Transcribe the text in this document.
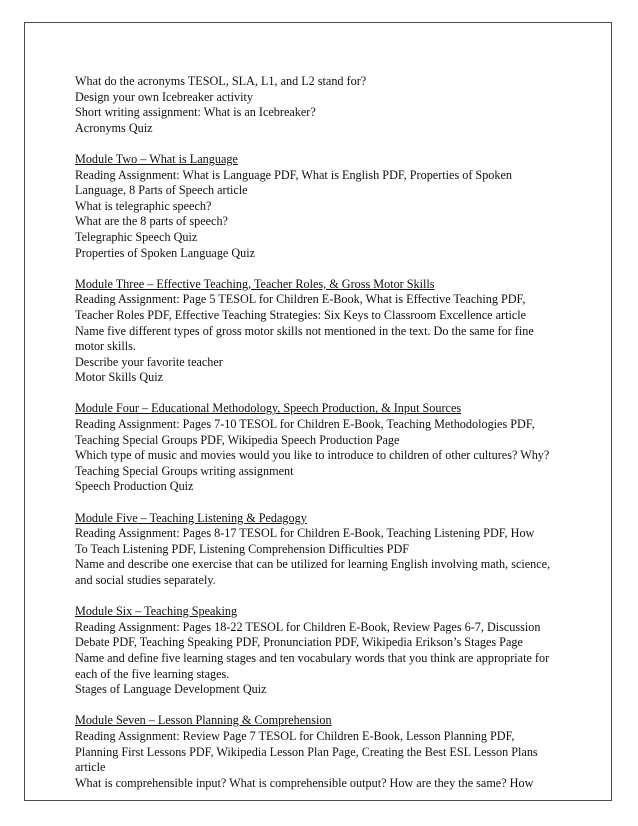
What do the acronyms TESOL, SLA, L1, and L2 stand for?
Design your own Icebreaker activity
Short writing assignment: What is an Icebreaker?
Acronyms Quiz
Module Two – What is Language
Reading Assignment: What is Language PDF, What is English PDF, Properties of Spoken
Language, 8 Parts of Speech article
What is telegraphic speech?
What are the 8 parts of speech?
Telegraphic Speech Quiz
Properties of Spoken Language Quiz
Module Three – Effective Teaching, Teacher Roles, & Gross Motor Skills
Reading Assignment: Page 5 TESOL for Children E-Book, What is Effective Teaching PDF,
Teacher Roles PDF, Effective Teaching Strategies: Six Keys to Classroom Excellence article
Name five different types of gross motor skills not mentioned in the text. Do the same for fine
motor skills.
Describe your favorite teacher
Motor Skills Quiz
Module Four – Educational Methodology, Speech Production, & Input Sources
Reading Assignment: Pages 7-10 TESOL for Children E-Book, Teaching Methodologies PDF,
Teaching Special Groups PDF, Wikipedia Speech Production Page
Which type of music and movies would you like to introduce to children of other cultures? Why?
Teaching Special Groups writing assignment
Speech Production Quiz
Module Five – Teaching Listening & Pedagogy
Reading Assignment: Pages 8-17 TESOL for Children E-Book, Teaching Listening PDF, How
To Teach Listening PDF, Listening Comprehension Difficulties PDF
Name and describe one exercise that can be utilized for learning English involving math, science,
and social studies separately.
Module Six – Teaching Speaking
Reading Assignment: Pages 18-22 TESOL for Children E-Book, Review Pages 6-7, Discussion
Debate PDF, Teaching Speaking PDF, Pronunciation PDF, Wikipedia Erikson’s Stages Page
Name and define five learning stages and ten vocabulary words that you think are appropriate for
each of the five learning stages.
Stages of Language Development Quiz
Module Seven – Lesson Planning & Comprehension
Reading Assignment: Review Page 7 TESOL for Children E-Book, Lesson Planning PDF,
Planning First Lessons PDF, Wikipedia Lesson Plan Page, Creating the Best ESL Lesson Plans
article
What is comprehensible input? What is comprehensible output? How are they the same? How
